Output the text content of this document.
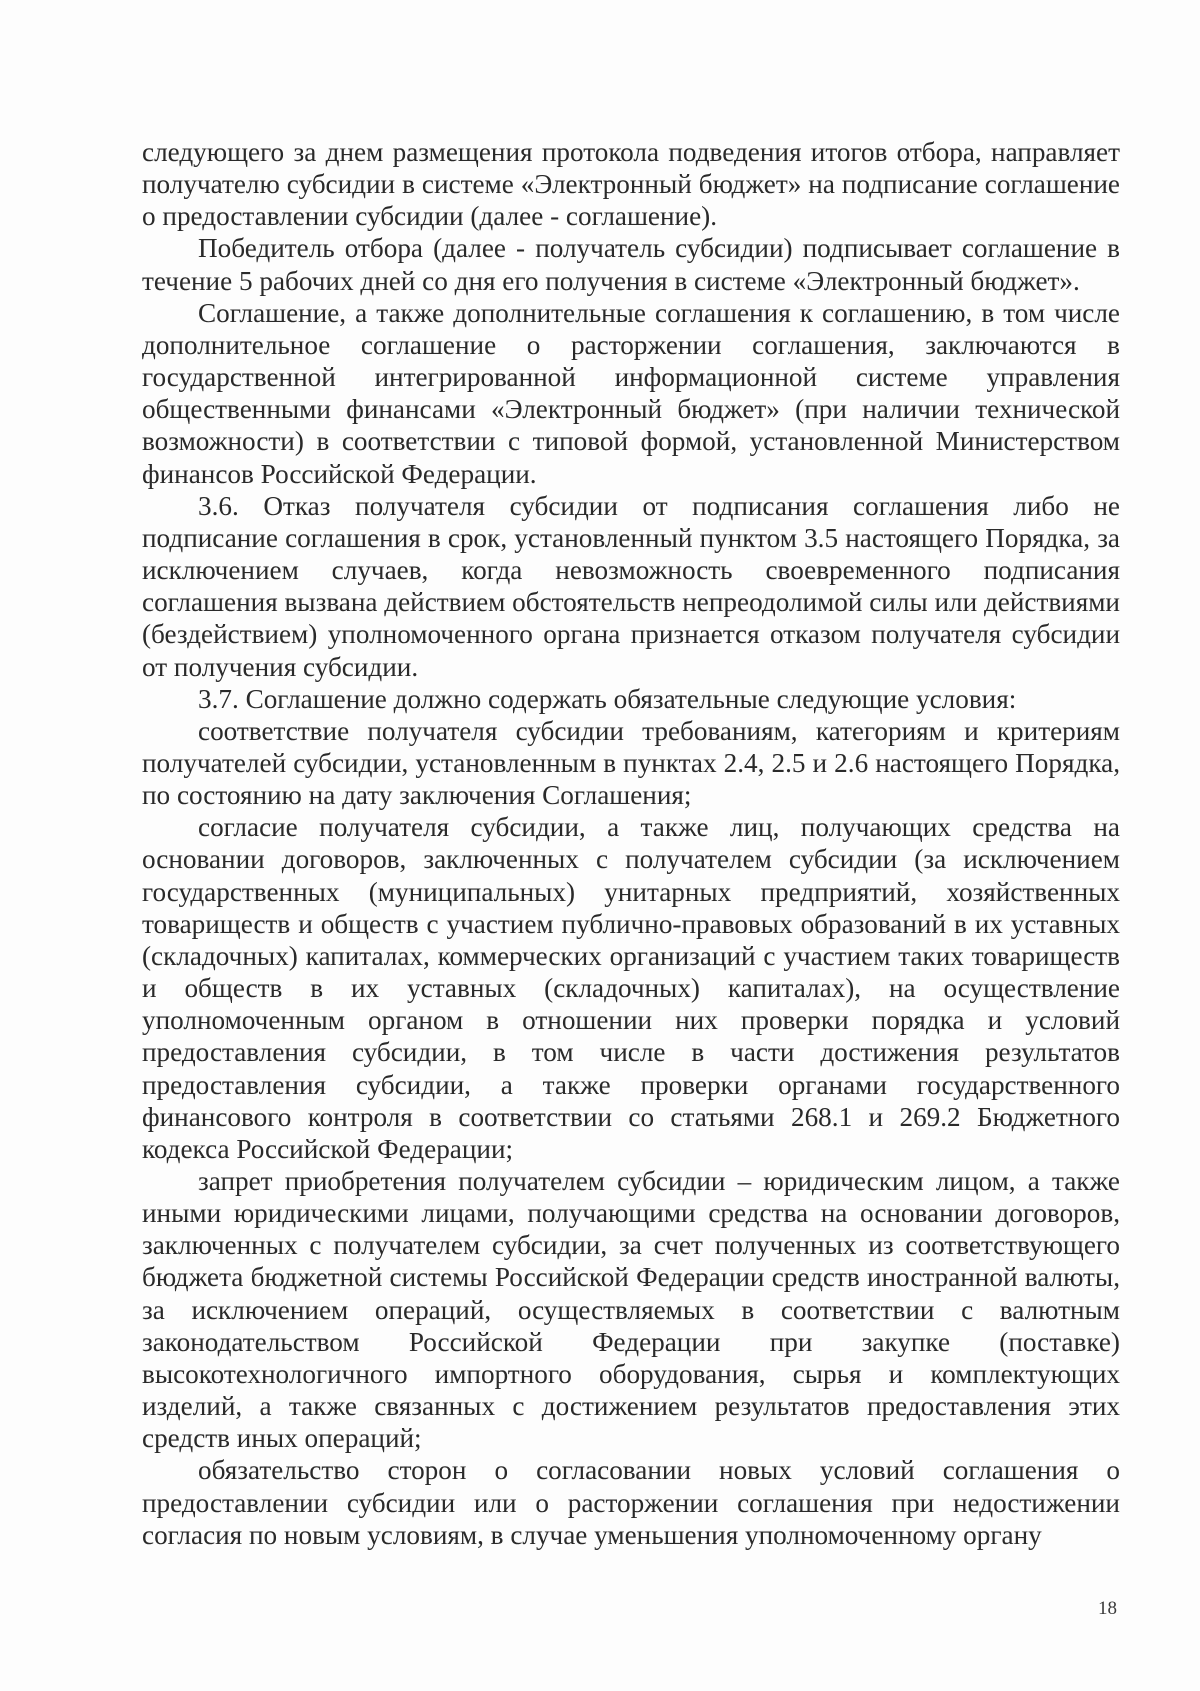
следующего за днем размещения протокола подведения итогов отбора, направляет получателю субсидии в системе «Электронный бюджет» на подписание соглашение о предоставлении субсидии (далее - соглашение).

Победитель отбора (далее - получатель субсидии) подписывает соглашение в течение 5 рабочих дней со дня его получения в системе «Электронный бюджет».

Соглашение, а также дополнительные соглашения к соглашению, в том числе дополнительное соглашение о расторжении соглашения, заключаются в государственной интегрированной информационной системе управления общественными финансами «Электронный бюджет» (при наличии технической возможности) в соответствии с типовой формой, установленной Министерством финансов Российской Федерации.

3.6. Отказ получателя субсидии от подписания соглашения либо не подписание соглашения в срок, установленный пунктом 3.5 настоящего Порядка, за исключением случаев, когда невозможность своевременного подписания соглашения вызвана действием обстоятельств непреодолимой силы или действиями (бездействием) уполномоченного органа признается отказом получателя субсидии от получения субсидии.

3.7. Соглашение должно содержать обязательные следующие условия:

соответствие получателя субсидии требованиям, категориям и критериям получателей субсидии, установленным в пунктах 2.4, 2.5 и 2.6 настоящего Порядка, по состоянию на дату заключения Соглашения;

согласие получателя субсидии, а также лиц, получающих средства на основании договоров, заключенных с получателем субсидии (за исключением государственных (муниципальных) унитарных предприятий, хозяйственных товариществ и обществ с участием публично-правовых образований в их уставных (складочных) капиталах, коммерческих организаций с участием таких товариществ и обществ в их уставных (складочных) капиталах), на осуществление уполномоченным органом в отношении них проверки порядка и условий предоставления субсидии, в том числе в части достижения результатов предоставления субсидии, а также проверки органами государственного финансового контроля в соответствии со статьями 268.1 и 269.2 Бюджетного кодекса Российской Федерации;

запрет приобретения получателем субсидии – юридическим лицом, а также иными юридическими лицами, получающими средства на основании договоров, заключенных с получателем субсидии, за счет полученных из соответствующего бюджета бюджетной системы Российской Федерации средств иностранной валюты, за исключением операций, осуществляемых в соответствии с валютным законодательством Российской Федерации при закупке (поставке) высокотехнологичного импортного оборудования, сырья и комплектующих изделий, а также связанных с достижением результатов предоставления этих средств иных операций;

обязательство сторон о согласовании новых условий соглашения о предоставлении субсидии или о расторжении соглашения при недостижении согласия по новым условиям, в случае уменьшения уполномоченному органу

18
